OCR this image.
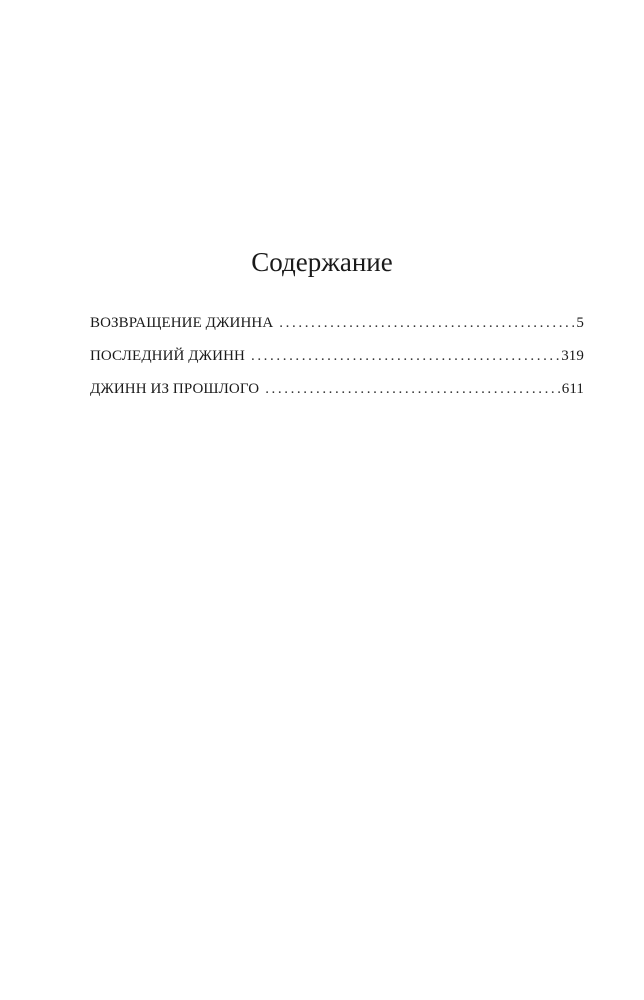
Содержание
ВОЗВРАЩЕНИЕ ДЖИННА .....	5
ПОСЛЕДНИЙ ДЖИНН .....	319
ДЖИНН ИЗ ПРОШЛОГО .....	611
